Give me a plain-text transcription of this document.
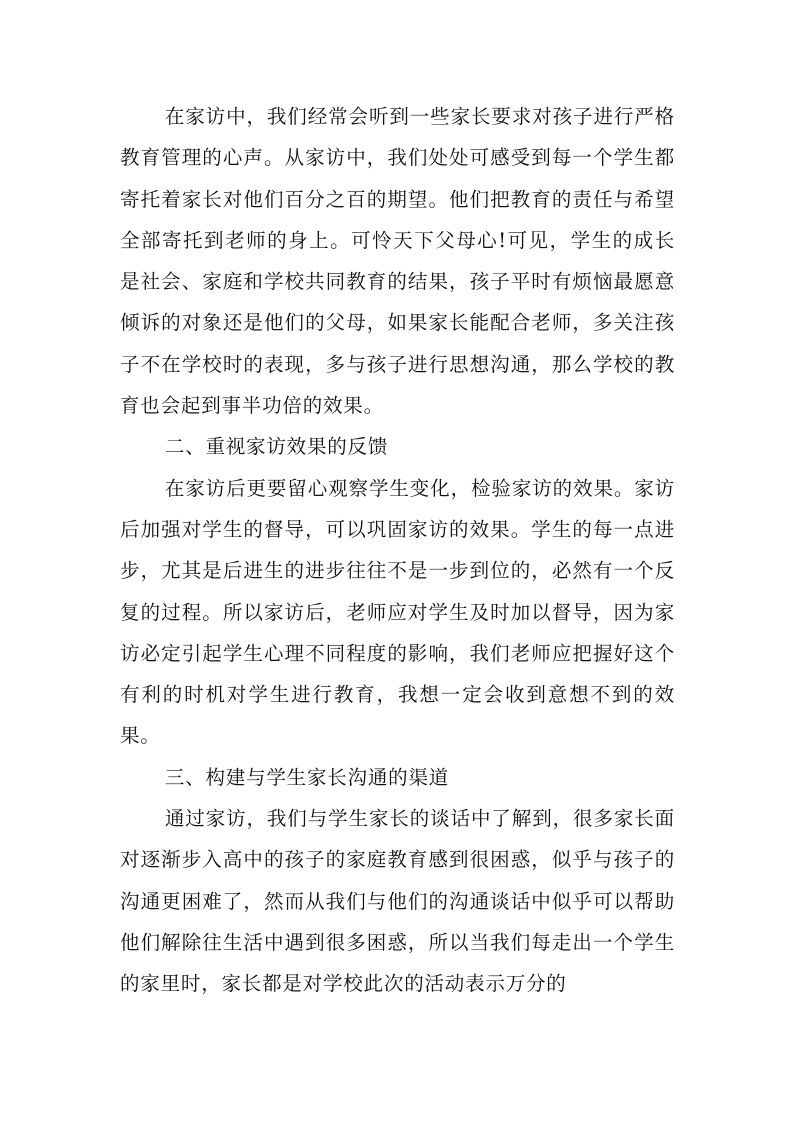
在家访中，我们经常会听到一些家长要求对孩子进行严格教育管理的心声。从家访中，我们处处可感受到每一个学生都寄托着家长对他们百分之百的期望。他们把教育的责任与希望全部寄托到老师的身上。可怜天下父母心!可见，学生的成长是社会、家庭和学校共同教育的结果，孩子平时有烦恼最愿意倾诉的对象还是他们的父母，如果家长能配合老师，多关注孩子不在学校时的表现，多与孩子进行思想沟通，那么学校的教育也会起到事半功倍的效果。

二、重视家访效果的反馈

在家访后更要留心观察学生变化，检验家访的效果。家访后加强对学生的督导，可以巩固家访的效果。学生的每一点进步，尤其是后进生的进步往往不是一步到位的，必然有一个反复的过程。所以家访后，老师应对学生及时加以督导，因为家访必定引起学生心理不同程度的影响，我们老师应把握好这个有利的时机对学生进行教育，我想一定会收到意想不到的效果。

三、构建与学生家长沟通的渠道

通过家访，我们与学生家长的谈话中了解到，很多家长面对逐渐步入高中的孩子的家庭教育感到很困惑，似乎与孩子的沟通更困难了，然而从我们与他们的沟通谈话中似乎可以帮助他们解除往生活中遇到很多困惑，所以当我们每走出一个学生的家里时，家长都是对学校此次的活动表示万分的
